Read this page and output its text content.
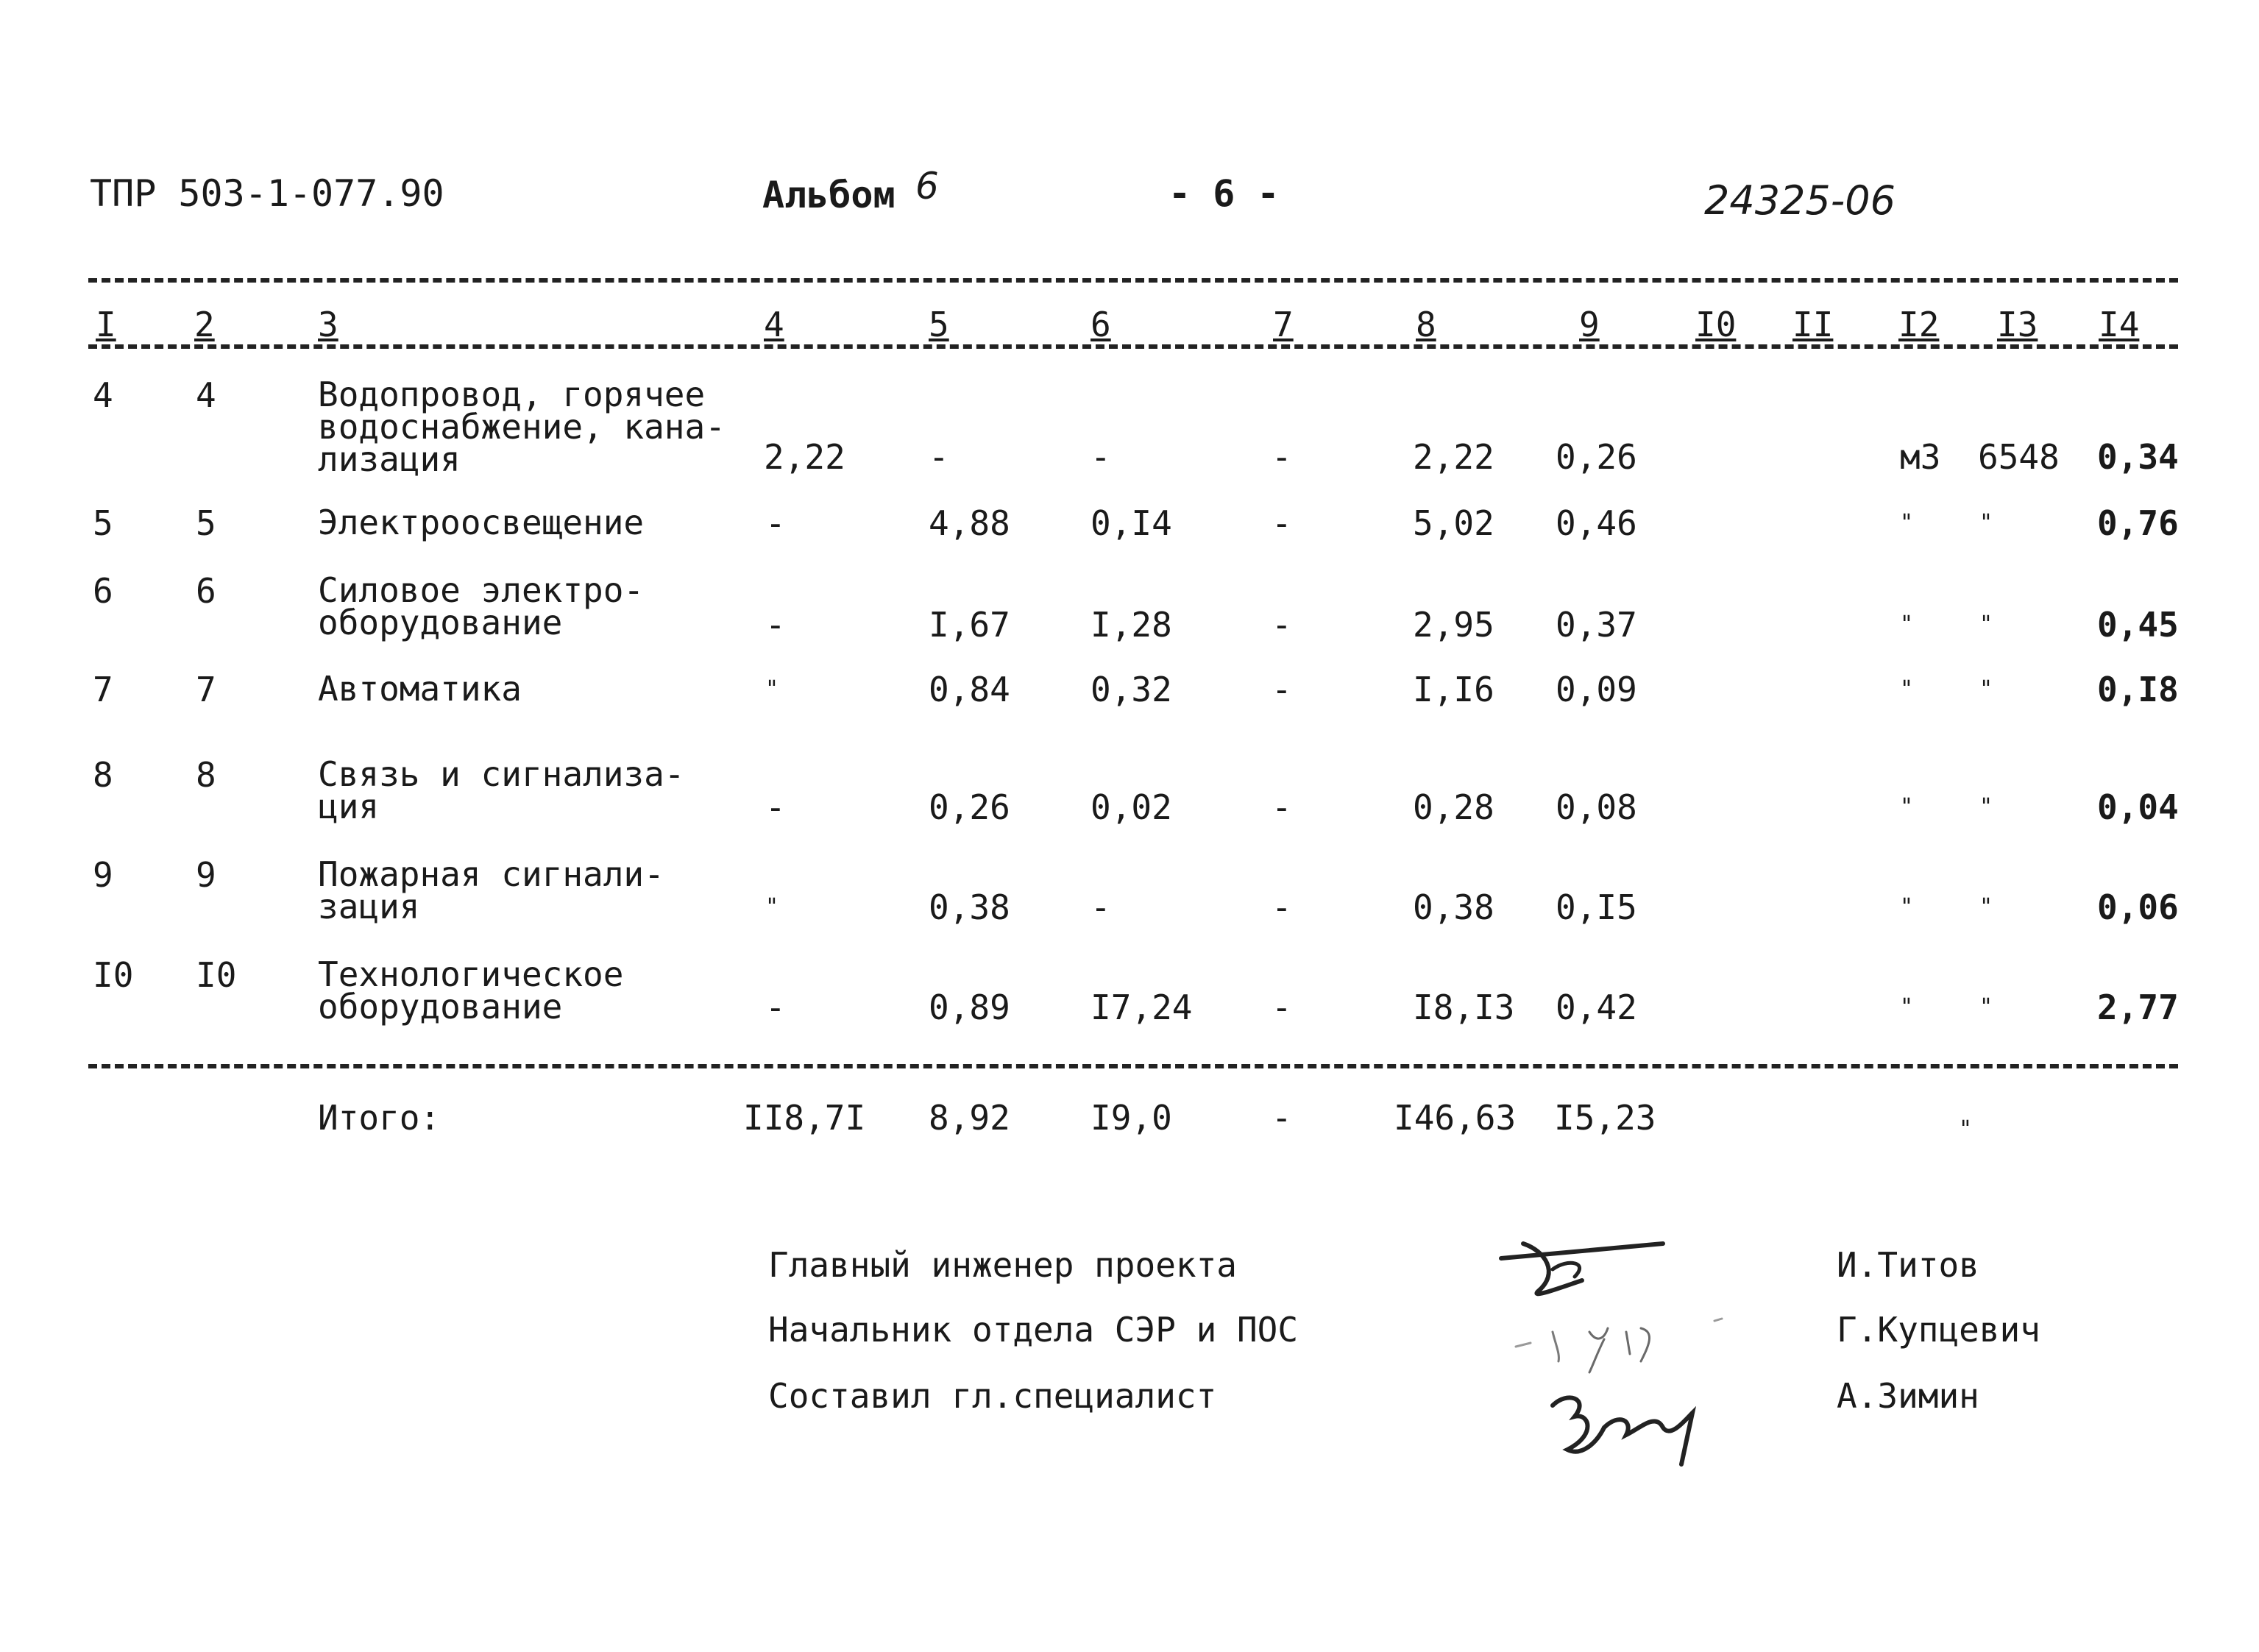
ТПР 503-1-077.90	Альбом 6	- 6 -	24325-06
I 2	3	4	5	6	7	8	9	I0 II I2 I3 I4
4 4	Водопровод, горячее
водоснабжение, кана-
лизация	2,22 -	-	-	2,22 0,26	м3 6548 0,34
5 5	Электроосвещение	-	4,88 0,I4	-	5,02 0,46	"	"	0,76
6 6	Силовое электро-
оборудование	-	I,67 I,28	-	2,95 0,37	"	"	0,45
7 7	Автоматика	"	0,84 0,32	-	I,I6 0,09	"	"	0,I8
8 8	Связь и сигнализа-
ция	-	0,26 0,02	-	0,28 0,08	"	"	0,04
9 9	Пожарная сигнали-
зация	"	0,38 -	-	0,38 0,I5	"	"	0,06
I0 I0 Технологическое
оборудование	-	0,89 I7,24 -	I8,I3 0,42	"	"	2,77
Итого:	II8,7I 8,92 I9,0	-	I46,63 I5,23	"
Главный инженер проекта	И.Титов
Начальник отдела СЭР и ПОС	Г.Купцевич
Составил гл.специалист	А.Зимин
